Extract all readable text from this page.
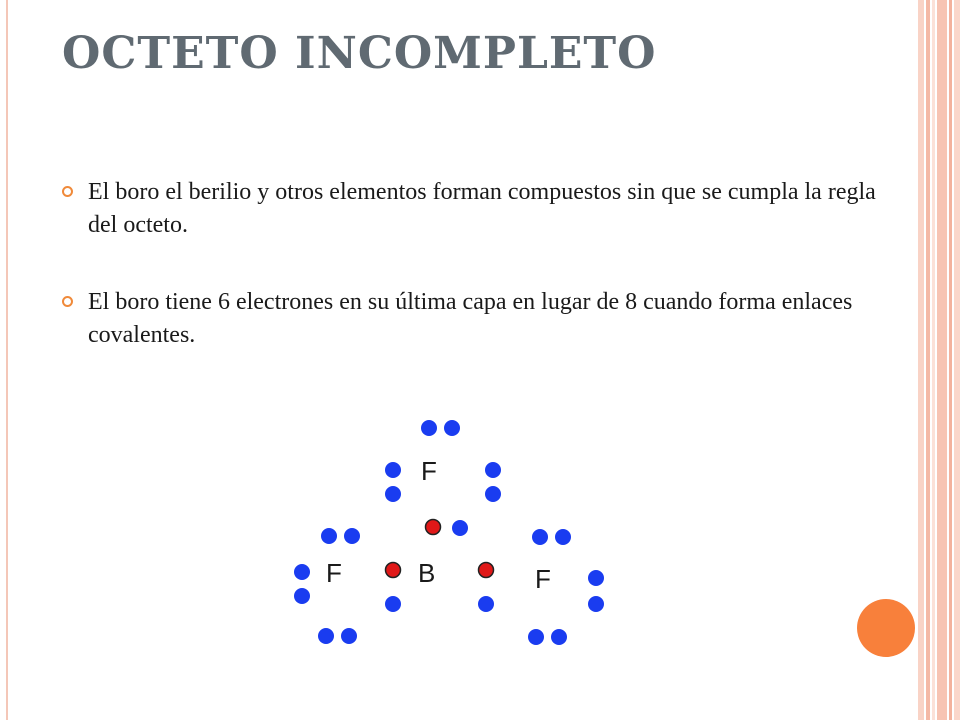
OCTETO INCOMPLETO
El boro el berilio y otros elementos forman compuestos sin que se cumpla la regla del octeto.
El boro tiene 6 electrones en su última capa en lugar de 8 cuando forma enlaces covalentes.
F
B
F	F
